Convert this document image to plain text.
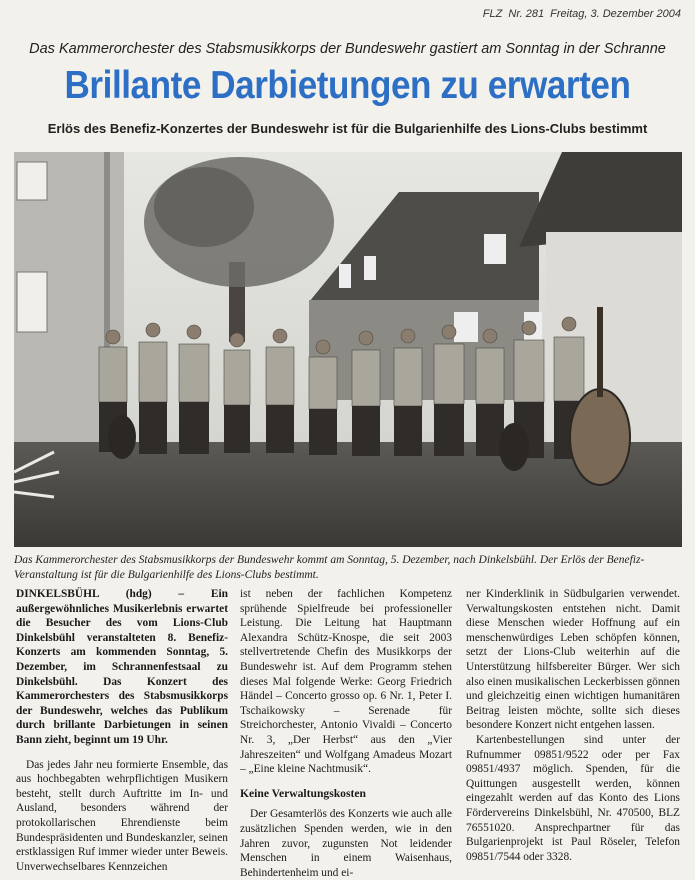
FLZ Nr. 281 Freitag, 3. Dezember 2004
Das Kammerorchester des Stabsmusikkorps der Bundeswehr gastiert am Sonntag in der Schranne
Brillante Darbietungen zu erwarten
Erlös des Benefiz-Konzertes der Bundeswehr ist für die Bulgarienhilfe des Lions-Clubs bestimmt
Das Kammerorchester des Stabsmusikkorps der Bundeswehr kommt am Sonntag, 5. Dezember, nach Dinkelsbühl. Der Erlös der Benefiz-Veranstaltung ist für die Bulgarienhilfe des Lions-Clubs bestimmt.

DINKELSBÜHL (hdg) – Ein außergewöhnliches Musikerlebnis erwartet die Besucher des vom Lions-Club Dinkelsbühl veranstalteten 8. Benefiz-Konzerts am kommenden Sonntag, 5. Dezember, im Schrannenfestsaal zu Dinkelsbühl. Das Konzert des Kammerorchesters des Stabsmusikkorps der Bundeswehr, welches das Publikum durch brillante Darbietungen in seinen Bann zieht, beginnt um 19 Uhr.

Das jedes Jahr neu formierte Ensemble, das aus hochbegabten wehrpflichtigen Musikern besteht, stellt durch Auftritte im In- und Ausland, besonders während der protokollarischen Ehrendienste beim Bundespräsidenten und Bundeskanzler, seinen erstklassigen Ruf immer wieder unter Beweis. Unverwechselbares Kennzeichen

ist neben der fachlichen Kompetenz sprühende Spielfreude bei professioneller Leistung. Die Leitung hat Hauptmann Alexandra Schütz-Knospe, die seit 2003 stellvertretende Chefin des Musikkorps der Bundeswehr ist. Auf dem Programm stehen dieses Mal folgende Werke: Georg Friedrich Händel – Concerto grosso op. 6 Nr. 1, Peter I. Tschaikowsky – Serenade für Streichorchester, Antonio Vivaldi – Concerto Nr. 3, „Der Herbst“ aus den „Vier Jahreszeiten“ und Wolfgang Amadeus Mozart – „Eine kleine Nachtmusik“.

Keine Verwaltungskosten

Der Gesamterlös des Konzerts wie auch alle zusätzlichen Spenden werden, wie in den Jahren zuvor, zugunsten Not leidender Menschen in einem Waisenhaus, Behindertenheim und ei-

ner Kinderklinik in Südbulgarien verwendet. Verwaltungskosten entstehen nicht. Damit diese Menschen wieder Hoffnung auf ein menschenwürdiges Leben schöpfen können, setzt der Lions-Club weiterhin auf die Unterstützung hilfsbereiter Bürger. Wer sich also einen musikalischen Leckerbissen gönnen und gleichzeitig einen wichtigen humanitären Beitrag leisten möchte, sollte sich dieses besondere Konzert nicht entgehen lassen.

Kartenbestellungen sind unter der Rufnummer 09851/9522 oder per Fax 09851/4937 möglich. Spenden, für die Quittungen ausgestellt werden, können eingezahlt werden auf das Konto des Lions Fördervereins Dinkelsbühl, Nr. 470500, BLZ 76551020. Ansprechpartner für das Bulgarienprojekt ist Paul Röseler, Telefon 09851/7544 oder 3328.
